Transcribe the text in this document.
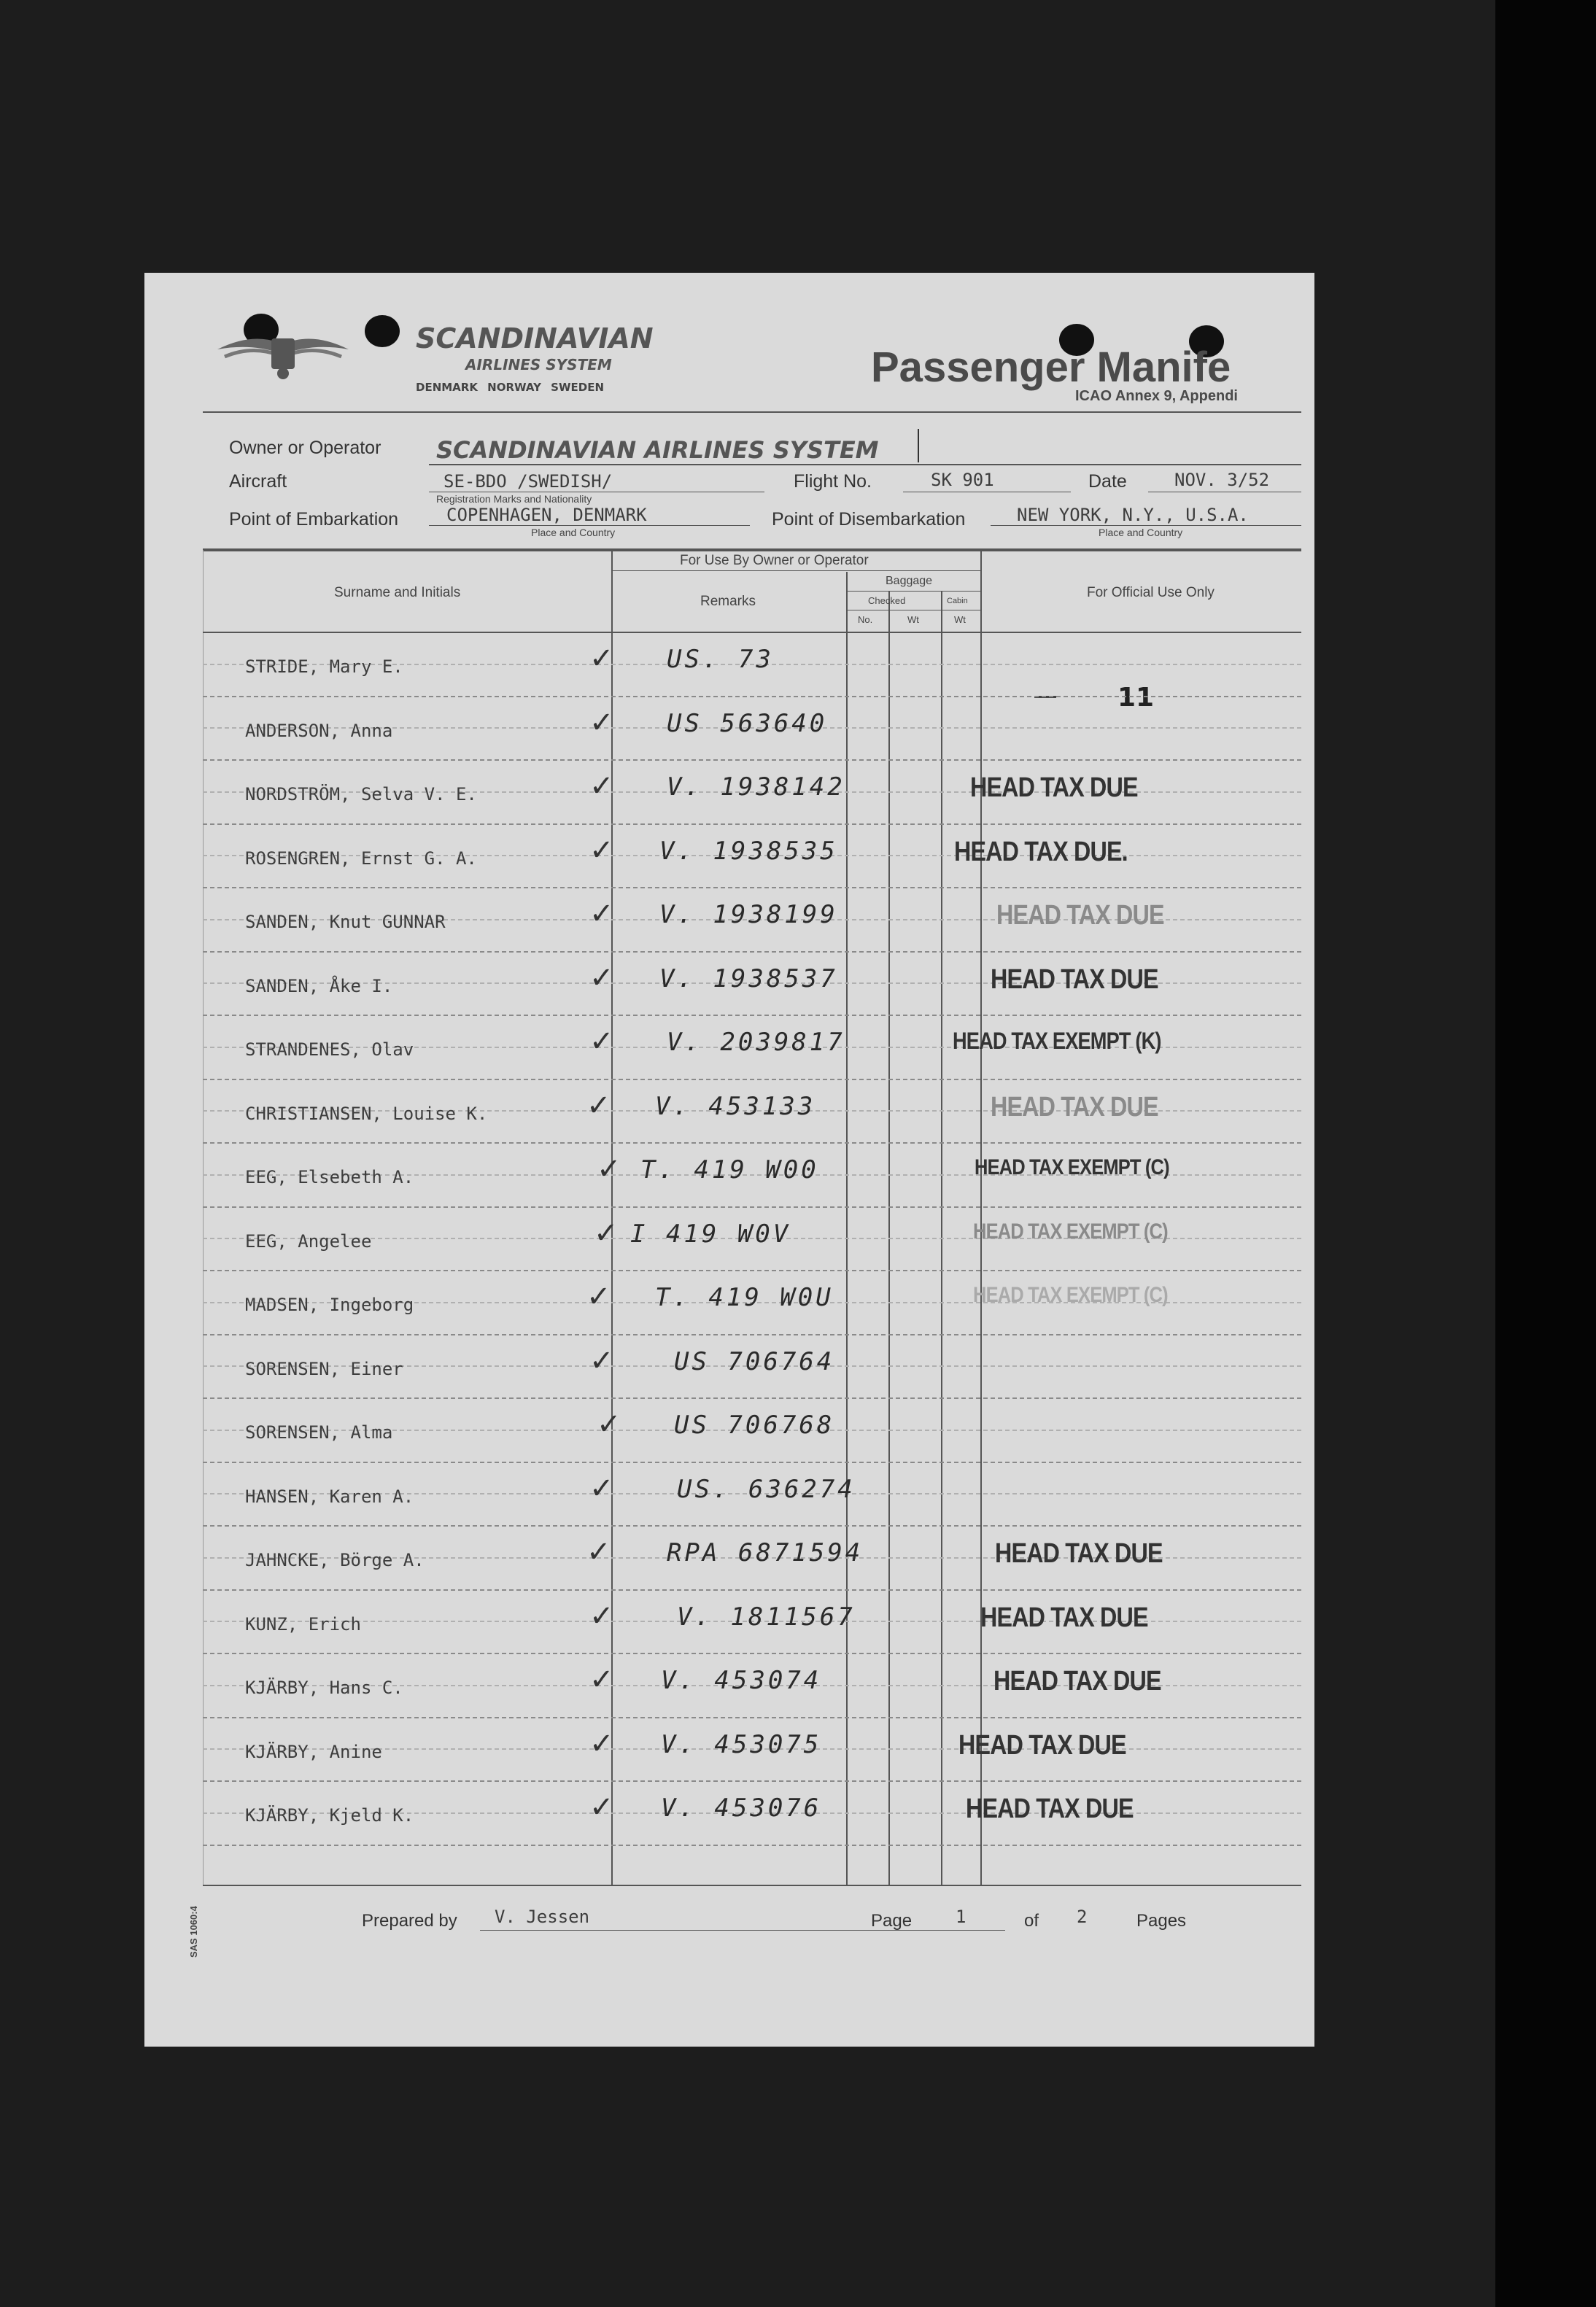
SCANDINAVIAN
AIRLINES SYSTEM
DENMARK NORWAY SWEDEN	Passenger Manife
ICAO Annex 9, Appendi
Owner or Operator SCANDINAVIAN AIRLINES SYSTEM
Aircraft	SE-BDO /SWEDISH/
Registration Marks and Nationality
Flight No.	SK 901	Date	NOV. 3/52
Point of Embarkation	COPENHAGEN, DENMARK
Place and Country
Point of Disembarkation	NEW YORK, N.Y., U.S.A.
Place and Country
Surname and Initials
For Use By Owner or Operator
Remarks
Baggage
Checked	Cabin
No.	Wt	Wt
For Official Use Only
11
STRIDE, Mary E.	✓ US. 73
ANDERSON, Anna	✓ US 563640
NORDSTRÖM, Selva V. E.	✓ V. 1938142	HEAD TAX DUE
ROSENGREN, Ernst G. A.	✓ V. 1938535	HEAD TAX DUE.
SANDEN, Knut GUNNAR	✓ V. 1938199	HEAD TAX DUE
SANDEN, Åke I.	✓ V. 1938537	HEAD TAX DUE
STRANDENES, Olav	✓ V. 2039817	HEAD TAX EXEMPT (K)
CHRISTIANSEN, Louise K.	✓ V. 453133	HEAD TAX DUE
EEG, Elsebeth A.	✓ T. 419 W00	HEAD TAX EXEMPT (C)
EEG, Angelee	✓ I 419 W0V	HEAD TAX EXEMPT (C)
MADSEN, Ingeborg	✓ T. 419 W0U	HEAD TAX EXEMPT (C)
SORENSEN, Einer	✓ US 706764
SORENSEN, Alma	✓ US 706768
HANSEN, Karen A.	✓	US. 636274
JAHNCKE, Börge A.	✓ RPA 6871594	HEAD TAX DUE
KUNZ, Erich	✓	V. 1811567	HEAD TAX DUE
KJÄRBY, Hans C.	✓ V. 453074	HEAD TAX DUE
KJÄRBY, Anine	✓ V. 453075	HEAD TAX DUE
KJÄRBY, Kjeld K.	✓ V. 453076	HEAD TAX DUE
Prepared by V. Jessen	Page 1	of 2	Pages
SAS 1060:4
